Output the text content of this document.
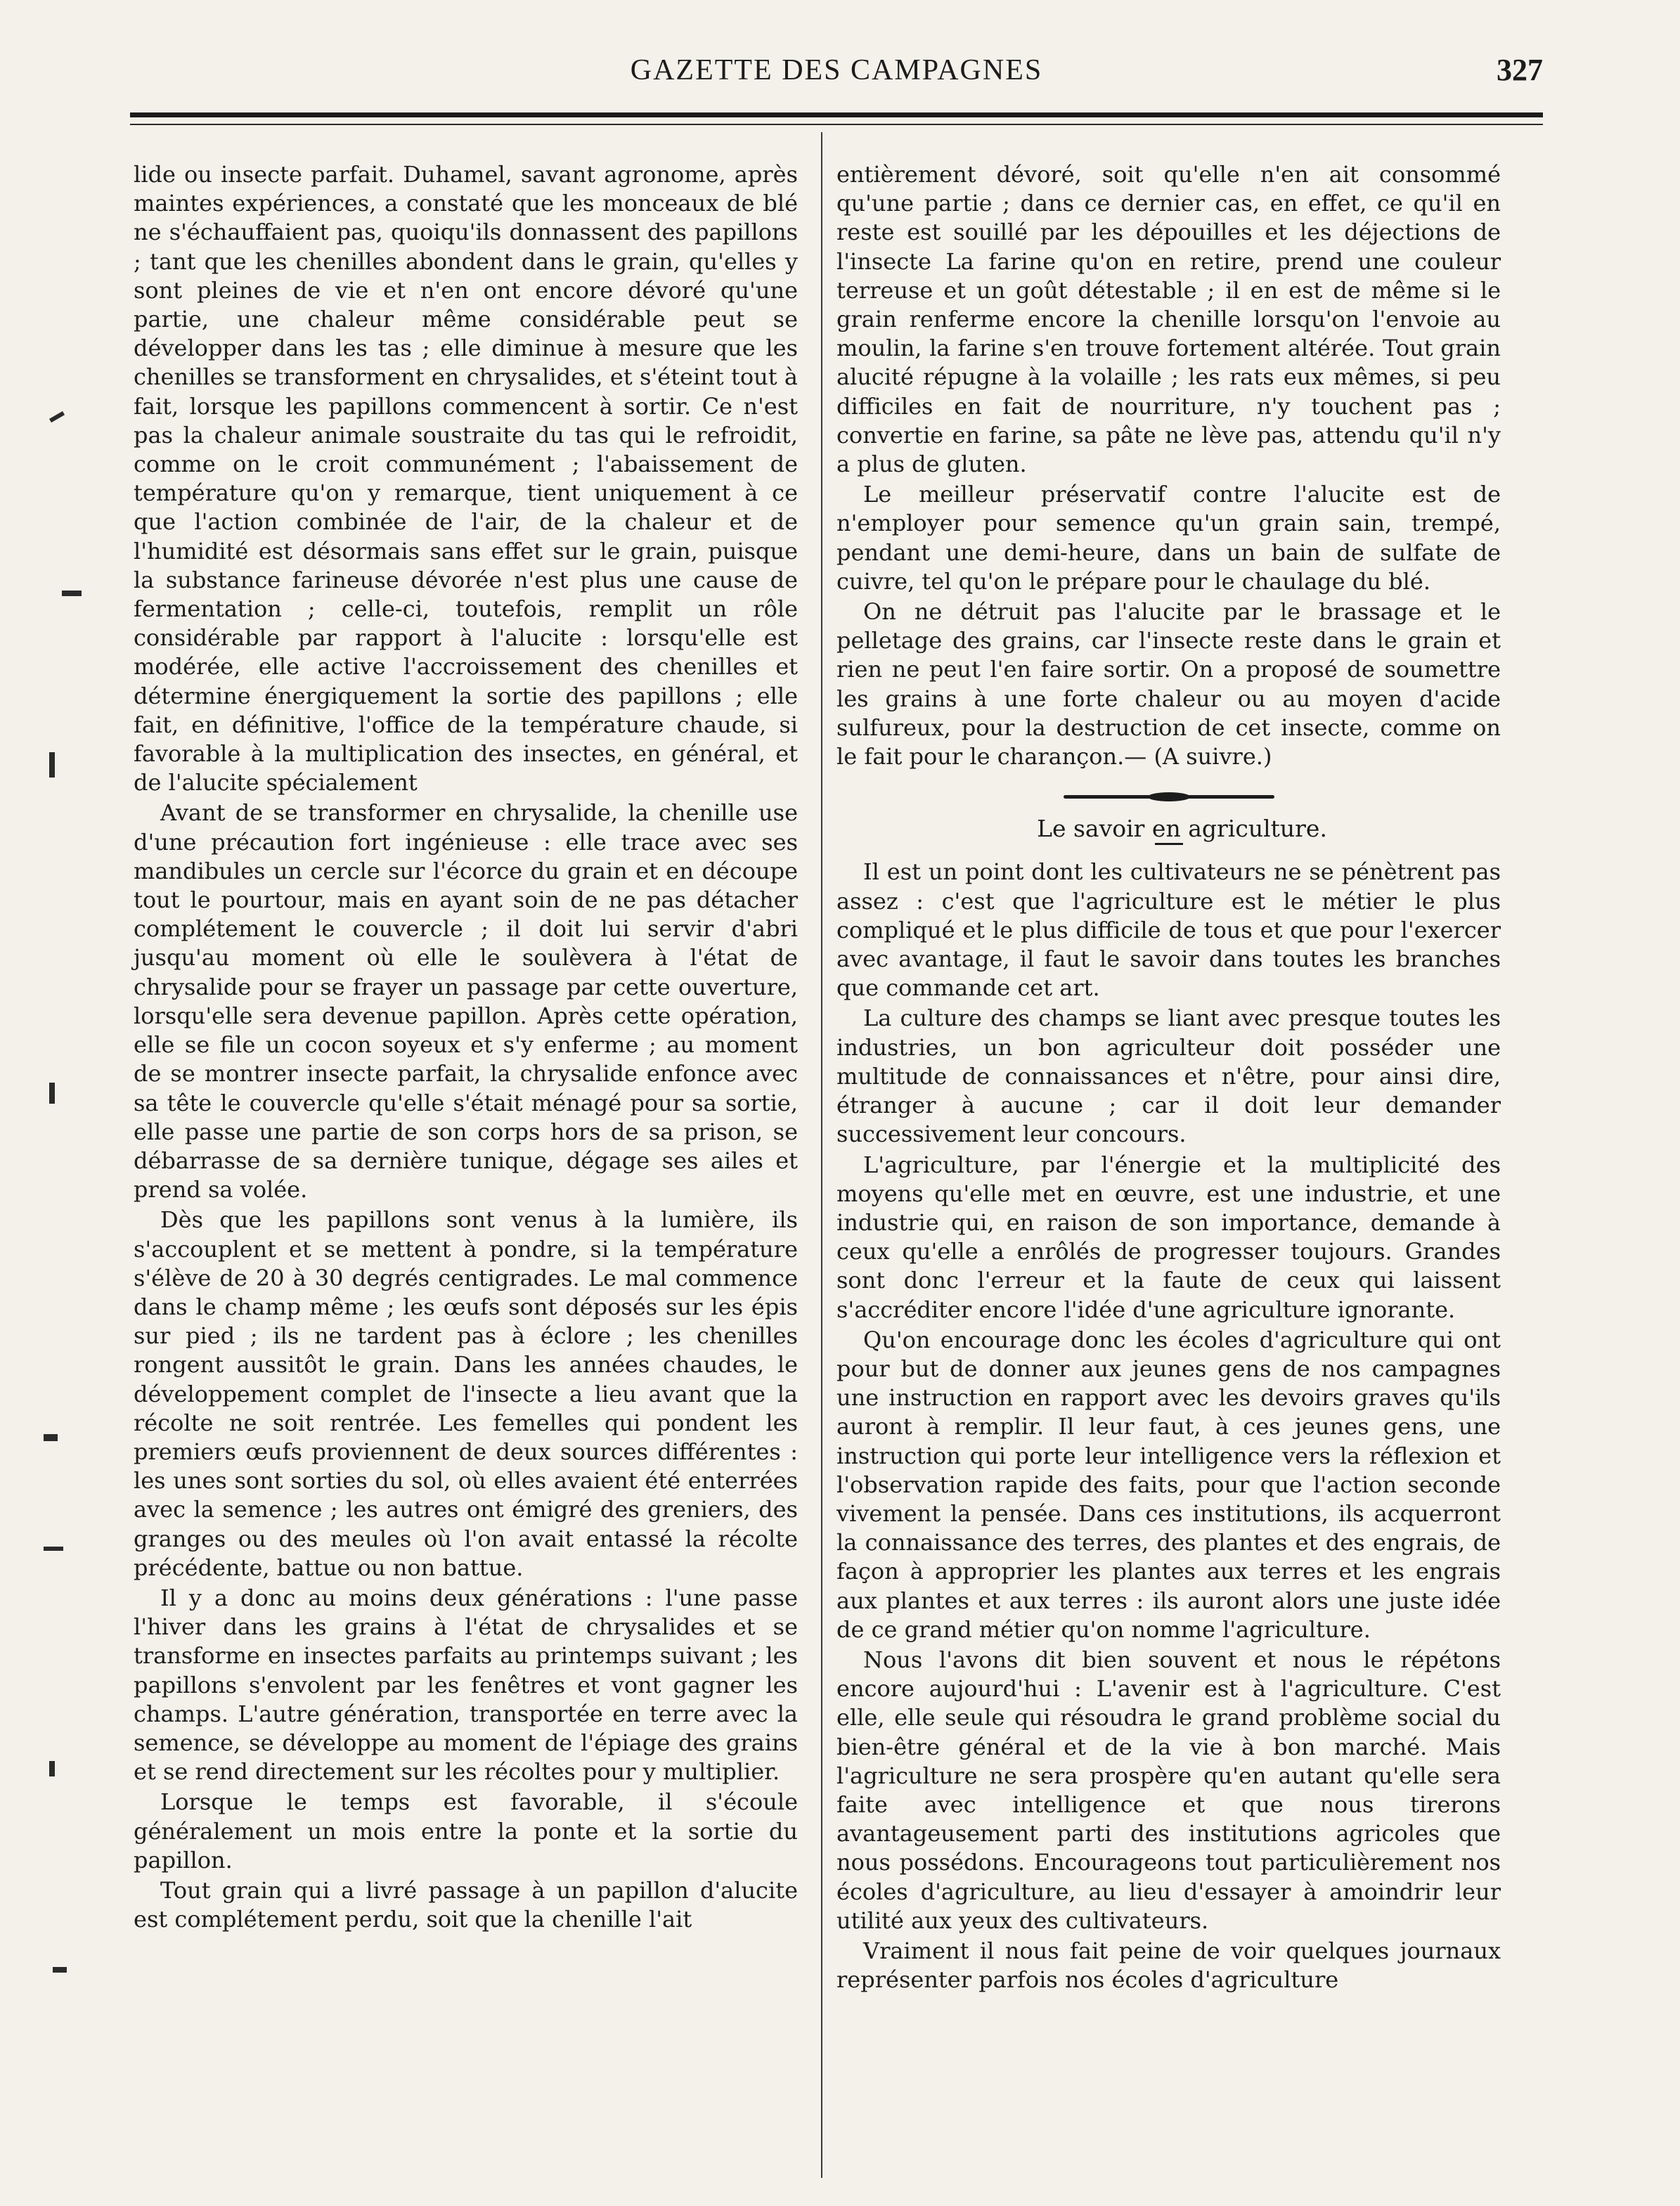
GAZETTE DES CAMPAGNES	327

lide ou insecte parfait. Duhamel, savant agronome, après maintes expériences, a constaté que les monceaux de blé ne s'échauffaient pas, quoiqu'ils donnassent des papillons ; tant que les chenilles abondent dans le grain, qu'elles y sont pleines de vie et n'en ont encore dévoré qu'une partie, une chaleur même considérable peut se développer dans les tas ; elle diminue à mesure que les chenilles se transforment en chrysalides, et s'éteint tout à fait, lorsque les papillons commencent à sortir. Ce n'est pas la chaleur animale soustraite du tas qui le refroidit, comme on le croit communément ; l'abaissement de température qu'on y remarque, tient uniquement à ce que l'action combinée de l'air, de la chaleur et de l'humidité est désormais sans effet sur le grain, puisque la substance farineuse dévorée n'est plus une cause de fermentation ; celle-ci, toutefois, remplit un rôle considérable par rapport à l'alucite : lorsqu'elle est modérée, elle active l'accroissement des chenilles et détermine énergiquement la sortie des papillons ; elle fait, en définitive, l'office de la température chaude, si favorable à la multiplication des insectes, en général, et de l'alucite spécialement

Avant de se transformer en chrysalide, la chenille use d'une précaution fort ingénieuse : elle trace avec ses mandibules un cercle sur l'écorce du grain et en découpe tout le pourtour, mais en ayant soin de ne pas détacher complétement le couvercle ; il doit lui servir d'abri jusqu'au moment où elle le soulèvera à l'état de chrysalide pour se frayer un passage par cette ouverture, lorsqu'elle sera devenue papillon. Après cette opération, elle se file un cocon soyeux et s'y enferme ; au moment de se montrer insecte parfait, la chrysalide enfonce avec sa tête le couvercle qu'elle s'était ménagé pour sa sortie, elle passe une partie de son corps hors de sa prison, se débarrasse de sa dernière tunique, dégage ses ailes et prend sa volée.

Dès que les papillons sont venus à la lumière, ils s'accouplent et se mettent à pondre, si la température s'élève de 20 à 30 degrés centigrades. Le mal commence dans le champ même ; les œufs sont déposés sur les épis sur pied ; ils ne tardent pas à éclore ; les chenilles rongent aussitôt le grain. Dans les années chaudes, le développement complet de l'insecte a lieu avant que la récolte ne soit rentrée. Les femelles qui pondent les premiers œufs proviennent de deux sources différentes : les unes sont sorties du sol, où elles avaient été enterrées avec la semence ; les autres ont émigré des greniers, des granges ou des meules où l'on avait entassé la récolte précédente, battue ou non battue.

Il y a donc au moins deux générations : l'une passe l'hiver dans les grains à l'état de chrysalides et se transforme en insectes parfaits au printemps suivant ; les papillons s'envolent par les fenêtres et vont gagner les champs. L'autre génération, transportée en terre avec la semence, se développe au moment de l'épiage des grains et se rend directement sur les récoltes pour y multiplier.

Lorsque le temps est favorable, il s'écoule généralement un mois entre la ponte et la sortie du papillon.

Tout grain qui a livré passage à un papillon d'alucite est complétement perdu, soit que la chenille l'ait

entièrement dévoré, soit qu'elle n'en ait consommé qu'une partie ; dans ce dernier cas, en effet, ce qu'il en reste est souillé par les dépouilles et les déjections de l'insecte La farine qu'on en retire, prend une couleur terreuse et un goût détestable ; il en est de même si le grain renferme encore la chenille lorsqu'on l'envoie au moulin, la farine s'en trouve fortement altérée. Tout grain alucité répugne à la volaille ; les rats eux mêmes, si peu difficiles en fait de nourriture, n'y touchent pas ; convertie en farine, sa pâte ne lève pas, attendu qu'il n'y a plus de gluten.

Le meilleur préservatif contre l'alucite est de n'employer pour semence qu'un grain sain, trempé, pendant une demi-heure, dans un bain de sulfate de cuivre, tel qu'on le prépare pour le chaulage du blé.

On ne détruit pas l'alucite par le brassage et le pelletage des grains, car l'insecte reste dans le grain et rien ne peut l'en faire sortir. On a proposé de soumettre les grains à une forte chaleur ou au moyen d'acide sulfureux, pour la destruction de cet insecte, comme on le fait pour le charançon.— (A suivre.)

Le savoir en agriculture.

Il est un point dont les cultivateurs ne se pénètrent pas assez : c'est que l'agriculture est le métier le plus compliqué et le plus difficile de tous et que pour l'exercer avec avantage, il faut le savoir dans toutes les branches que commande cet art.

La culture des champs se liant avec presque toutes les industries, un bon agriculteur doit posséder une multitude de connaissances et n'être, pour ainsi dire, étranger à aucune ; car il doit leur demander successivement leur concours.

L'agriculture, par l'énergie et la multiplicité des moyens qu'elle met en œuvre, est une industrie, et une industrie qui, en raison de son importance, demande à ceux qu'elle a enrôlés de progresser toujours. Grandes sont donc l'erreur et la faute de ceux qui laissent s'accréditer encore l'idée d'une agriculture ignorante.

Qu'on encourage donc les écoles d'agriculture qui ont pour but de donner aux jeunes gens de nos campagnes une instruction en rapport avec les devoirs graves qu'ils auront à remplir. Il leur faut, à ces jeunes gens, une instruction qui porte leur intelligence vers la réflexion et l'observation rapide des faits, pour que l'action seconde vivement la pensée. Dans ces institutions, ils acquerront la connaissance des terres, des plantes et des engrais, de façon à approprier les plantes aux terres et les engrais aux plantes et aux terres : ils auront alors une juste idée de ce grand métier qu'on nomme l'agriculture.

Nous l'avons dit bien souvent et nous le répétons encore aujourd'hui : L'avenir est à l'agriculture. C'est elle, elle seule qui résoudra le grand problème social du bien-être général et de la vie à bon marché. Mais l'agriculture ne sera prospère qu'en autant qu'elle sera faite avec intelligence et que nous tirerons avantageusement parti des institutions agricoles que nous possédons. Encourageons tout particulièrement nos écoles d'agriculture, au lieu d'essayer à amoindrir leur utilité aux yeux des cultivateurs.

Vraiment il nous fait peine de voir quelques journaux représenter parfois nos écoles d'agriculture
